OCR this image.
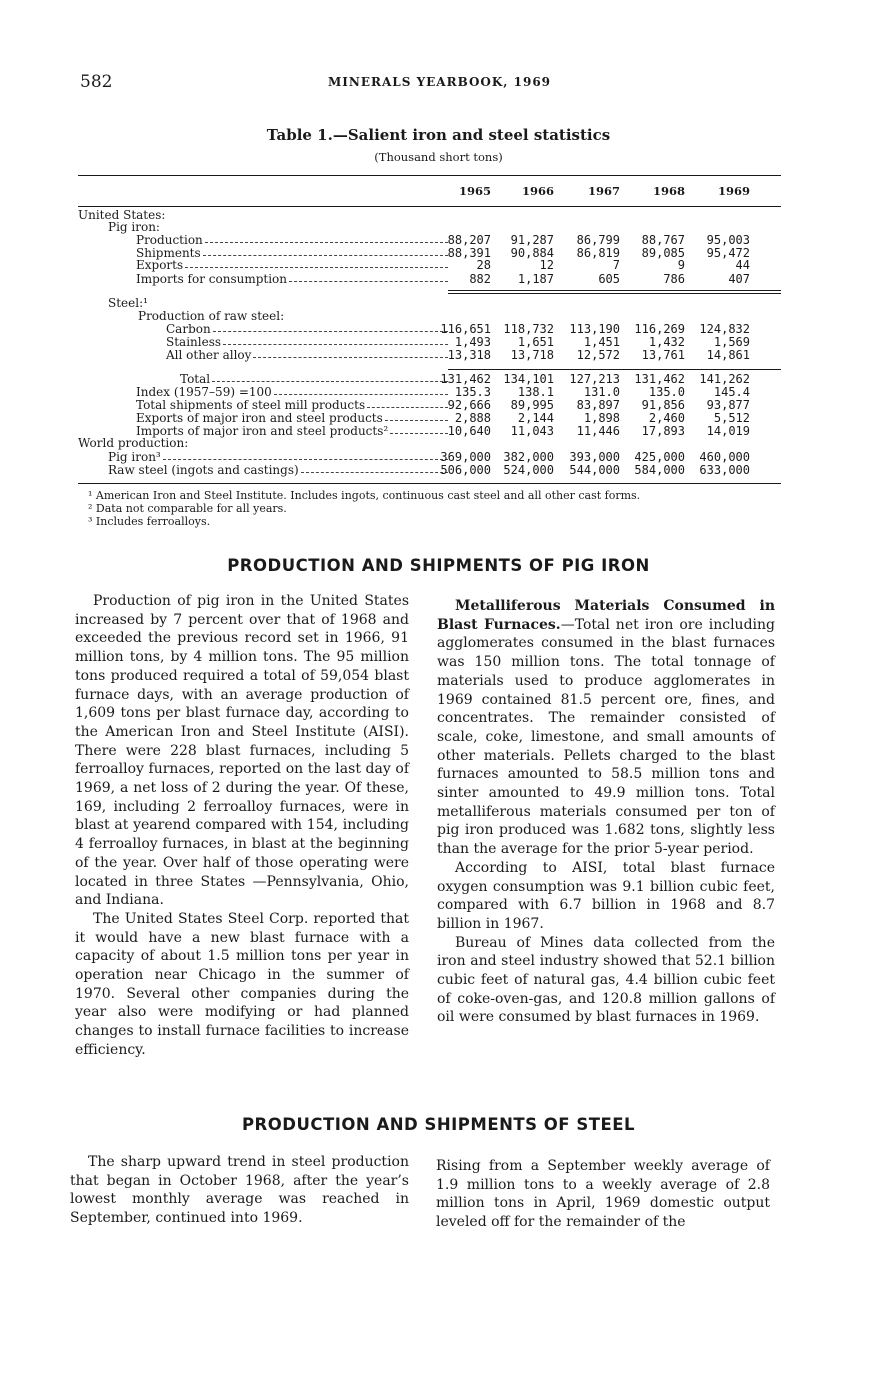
582	MINERALS YEARBOOK, 1969
Table 1.—Salient iron and steel statistics
(Thousand short tons)
1965	1966	1967	1968	1969
United States:
Pig iron:
Production	88,207	91,287	86,799	88,767	95,003
Shipments	88,391	90,884	86,819	89,085	95,472
Exports	28	12	7	9	44
Imports for consumption	882	1,187	605	786	407
Steel:¹
Production of raw steel:
Carbon	116,651	118,732	113,190	116,269	124,832
Stainless	1,493	1,651	1,451	1,432	1,569
All other alloy	13,318	13,718	12,572	13,761	14,861
Total	131,462	134,101	127,213	131,462	141,262
Index (1957–59) =100	135.3	138.1	131.0	135.0	145.4
Total shipments of steel mill products	92,666	89,995	83,897	91,856	93,877
Exports of major iron and steel products	2,888	2,144	1,898	2,460	5,512
Imports of major iron and steel products²	10,640	11,043	11,446	17,893	14,019
World production:
Pig iron³	369,000	382,000	393,000	425,000	460,000
Raw steel (ingots and castings)	506,000	524,000	544,000	584,000	633,000
¹ American Iron and Steel Institute. Includes ingots, continuous cast steel and all other cast forms.
² Data not comparable for all years.
³ Includes ferroalloys.
PRODUCTION AND SHIPMENTS OF PIG IRON

Production of pig iron in the United States increased by 7 percent over that of 1968 and exceeded the previous record set in 1966, 91 million tons, by 4 million tons. The 95 million tons produced required a total of 59,054 blast furnace days, with an average production of 1,609 tons per blast furnace day, according to the American Iron and Steel Institute (AISI). There were 228 blast furnaces, including 5 ferroalloy furnaces, reported on the last day of 1969, a net loss of 2 during the year. Of these, 169, including 2 ferroalloy furnaces, were in blast at yearend compared with 154, including 4 ferroalloy furnaces, in blast at the beginning of the year. Over half of those operating were located in three States —Pennsylvania, Ohio, and Indiana.

The United States Steel Corp. reported that it would have a new blast furnace with a capacity of about 1.5 million tons per year in operation near Chicago in the summer of 1970. Several other companies during the year also were modifying or had planned changes to install furnace facilities to increase efficiency.

Metalliferous Materials Consumed in Blast Furnaces.—Total net iron ore including agglomerates consumed in the blast furnaces was 150 million tons. The total tonnage of materials used to produce agglomerates in 1969 contained 81.5 percent ore, fines, and concentrates. The remainder consisted of scale, coke, limestone, and small amounts of other materials. Pellets charged to the blast furnaces amounted to 58.5 million tons and sinter amounted to 49.9 million tons. Total metalliferous materials consumed per ton of pig iron produced was 1.682 tons, slightly less than the average for the prior 5-year period.

According to AISI, total blast furnace oxygen consumption was 9.1 billion cubic feet, compared with 6.7 billion in 1968 and 8.7 billion in 1967.

Bureau of Mines data collected from the iron and steel industry showed that 52.1 billion cubic feet of natural gas, 4.4 billion cubic feet of coke-oven-gas, and 120.8 million gallons of oil were consumed by blast furnaces in 1969.

PRODUCTION AND SHIPMENTS OF STEEL

The sharp upward trend in steel production that began in October 1968, after the year’s lowest monthly average was reached in September, continued into 1969.

Rising from a September weekly average of 1.9 million tons to a weekly average of 2.8 million tons in April, 1969 domestic output leveled off for the remainder of the
